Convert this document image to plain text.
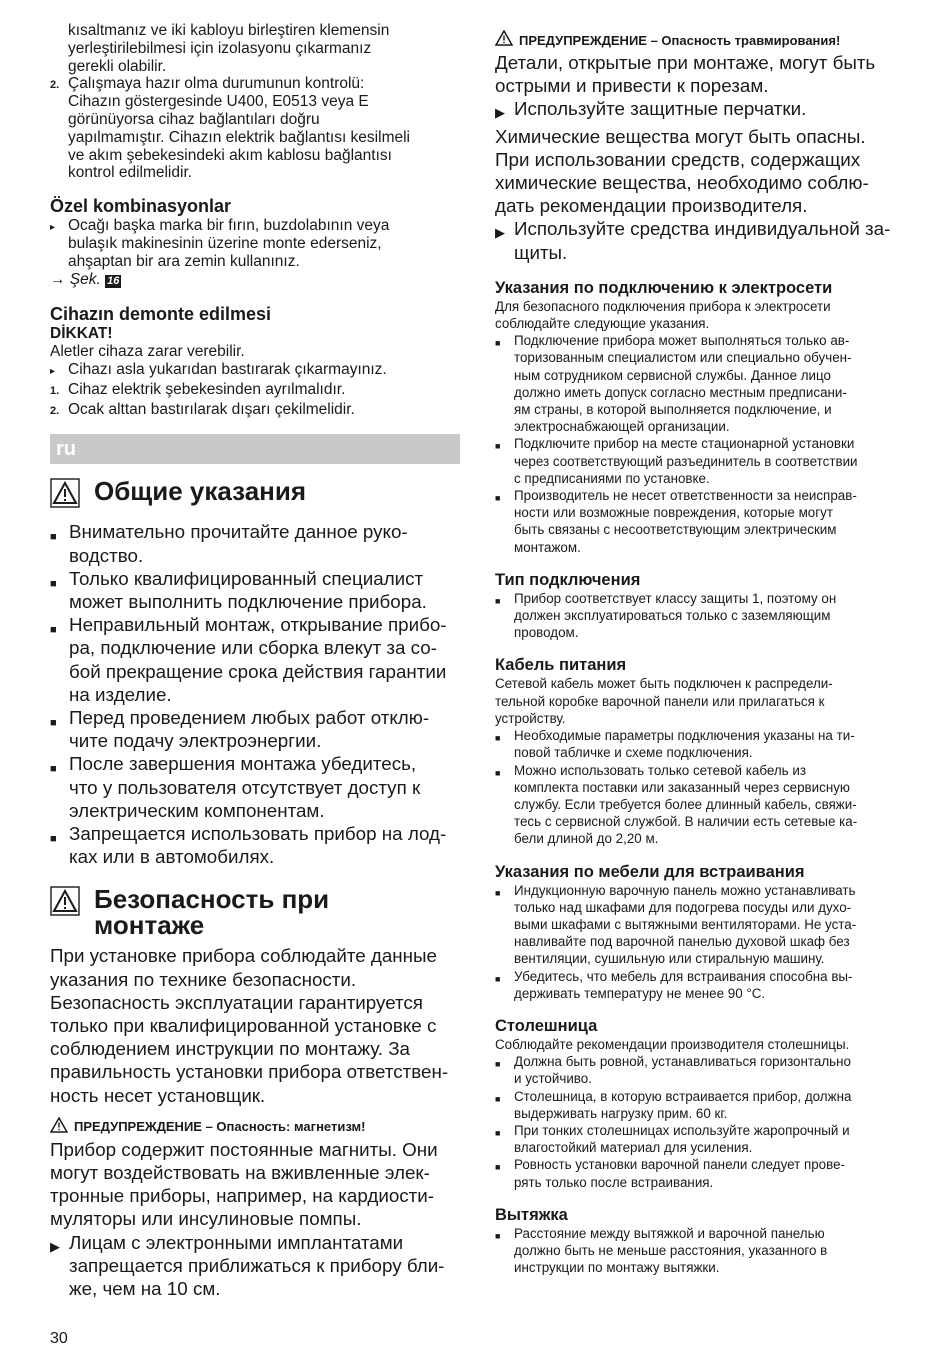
kısaltmanız ve iki kabloyu birleştiren klemensin
yerleştirilebilmesi için izolasyonu çıkarmanız
gerekli olabilir.
2. Çalışmaya hazır olma durumunun kontrolü:
Cihazın göstergesinde U400, E0513 veya E
görünüyorsa cihaz bağlantıları doğru
yapılmamıştır. Cihazın elektrik bağlantısı kesilmeli
ve akım şebekesindeki akım kablosu bağlantısı
kontrol edilmelidir.
Özel kombinasyonlar
▸ Ocağı başka marka bir fırın, buzdolabının veya
bulaşık makinesinin üzerine monte ederseniz,
ahşaptan bir ara zemin kullanınız.
→ Şek. 16
Cihazın demonte edilmesi
DİKKAT!
Aletler cihaza zarar verebilir.
▸ Cihazı asla yukarıdan bastırarak çıkarmayınız.
1. Cihaz elektrik şebekesinden ayrılmalıdır.
2. Ocak alttan bastırılarak dışarı çekilmelidir.
ru
Общие указания
■ Внимательно прочитайте данное руко-
водство.
■ Только квалифицированный специалист
может выполнить подключение прибора.
■ Неправильный монтаж, открывание прибо-
ра, подключение или сборка влекут за со-
бой прекращение срока действия гарантии
на изделие.
■ Перед проведением любых работ отклю-
чите подачу электроэнергии.
■ После завершения монтажа убедитесь,
что у пользователя отсутствует доступ к
электрическим компонентам.
■ Запрещается использовать прибор на лод-
ках или в автомобилях.
Безопасность при
монтаже
При установке прибора соблюдайте данные
указания по технике безопасности.
Безопасность эксплуатации гарантируется
только при квалифицированной установке с
соблюдением инструкции по монтажу. За
правильность установки прибора ответствен-
ность несет установщик.
ПРЕДУПРЕЖДЕНИЕ – Опасность: магнетизм!
Прибор содержит постоянные магниты. Они
могут воздействовать на вживленные элек-
тронные приборы, например, на кардиости-
муляторы или инсулиновые помпы.
▶ Лицам с электронными имплантатами
запрещается приближаться к прибору бли-
же, чем на 10 см.
ПРЕДУПРЕЖДЕНИЕ – Опасность травмирования!
Детали, открытые при монтаже, могут быть
острыми и привести к порезам.
▶ Используйте защитные перчатки.
Химические вещества могут быть опасны.
При использовании средств, содержащих
химические вещества, необходимо соблю-
дать рекомендации производителя.
▶ Используйте средства индивидуальной за-
щиты.
Указания по подключению к электросети
Для безопасного подключения прибора к электросети
соблюдайте следующие указания.
■	Подключение прибора может выполняться только ав-
торизованным специалистом или специально обучен-
ным сотрудником сервисной службы. Данное лицо
должно иметь допуск согласно местным предписани-
ям страны, в которой выполняется подключение, и
электроснабжающей организации.
■	Подключите прибор на месте стационарной установки
через соответствующий разъединитель в соответствии
с предписаниями по установке.
■	Производитель не несет ответственности за неисправ-
ности или возможные повреждения, которые могут
быть связаны с несоответствующим электрическим
монтажом.
Тип подключения
■	Прибор соответствует классу защиты 1, поэтому он
должен эксплуатироваться только с заземляющим
проводом.
Кабель питания
Сетевой кабель может быть подключен к распредели-
тельной коробке варочной панели или прилагаться к
устройству.
■	Необходимые параметры подключения указаны на ти-
повой табличке и схеме подключения.
■	Можно использовать только сетевой кабель из
комплекта поставки или заказанный через сервисную
службу. Если требуется более длинный кабель, свяжи-
тесь с сервисной службой. В наличии есть сетевые ка-
бели длиной до 2,20 м.
Указания по мебели для встраивания
■	Индукционную варочную панель можно устанавливать
только над шкафами для подогрева посуды или духо-
выми шкафами с вытяжными вентиляторами. Не уста-
навливайте под варочной панелью духовой шкаф без
вентиляции, сушильную или стиральную машину.
■	Убедитесь, что мебель для встраивания способна вы-
держивать температуру не менее 90 °C.
Столешница
Соблюдайте рекомендации производителя столешницы.
■	Должна быть ровной, устанавливаться горизонтально
и устойчиво.
■	Столешница, в которую встраивается прибор, должна
выдерживать нагрузку прим. 60 кг.
■	При тонких столешницах используйте жаропрочный и
влагостойкий материал для усиления.
■	Ровность установки варочной панели следует прове-
рять только после встраивания.
Вытяжка
■	Расстояние между вытяжкой и варочной панелью
должно быть не меньше расстояния, указанного в
инструкции по монтажу вытяжки.
30
